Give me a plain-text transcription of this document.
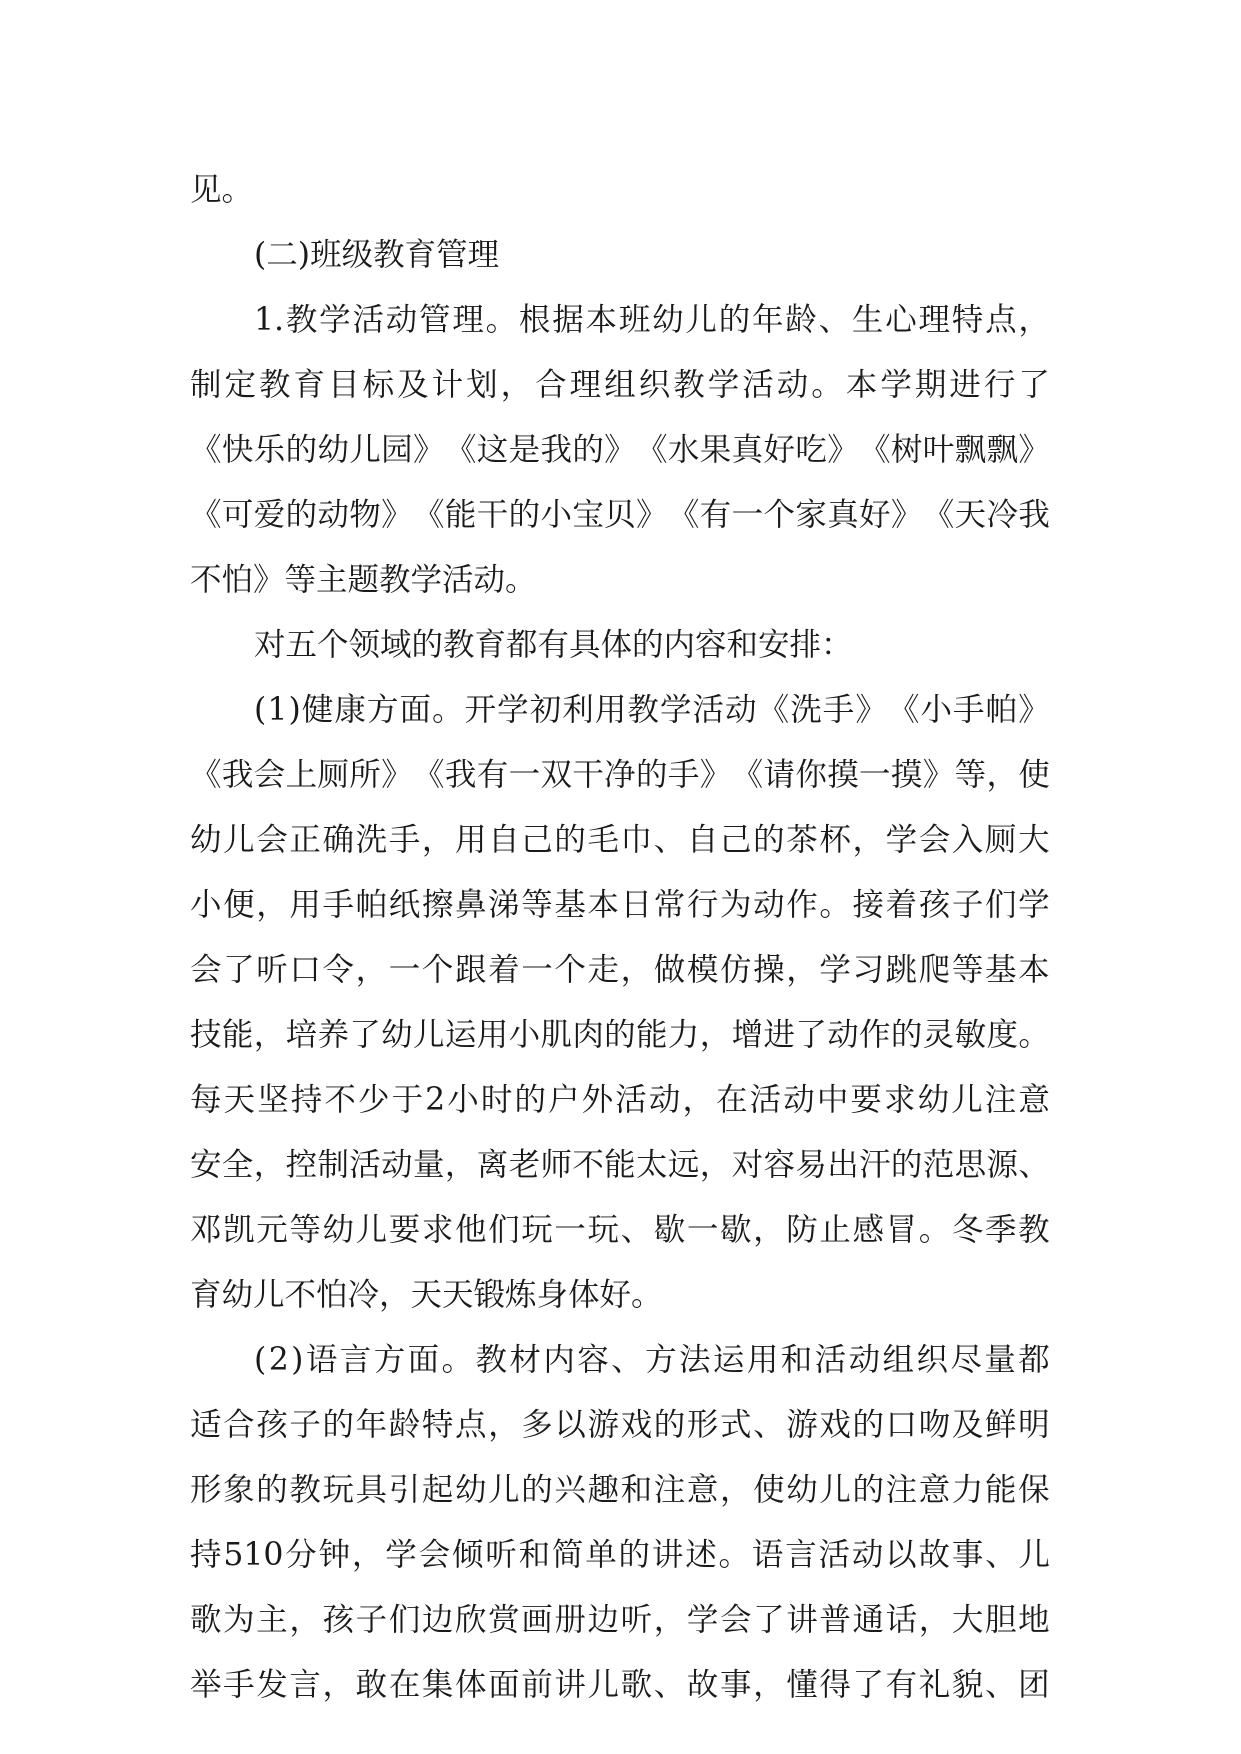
见。
(二)班级教育管理
1. 教 学 活 动 管 理 。 根 据 本 班 幼 儿 的 年 龄 、 生 心 理 特 点 ，
制 定 教 育 目 标 及 计 划 ， 合 理 组 织 教 学 活 动 。 本 学 期 进 行 了
《 快 乐 的 幼 儿 园 》 《 这 是 我 的 》 《 水 果 真 好 吃 》 《 树 叶 飘 飘 》
《 可 爱 的 动 物 》 《 能 干 的 小 宝 贝 》 《 有 一 个 家 真 好 》 《 天 冷 我
不怕》等主题教学活动。
对五个领域的教育都有具体的内容和安排：
( 1 ) 健 康 方 面 。 开 学 初 利 用 教 学 活 动 《 洗 手 》 《 小 手 帕 》
《 我 会 上 厕 所 》 《 我 有 一 双 干 净 的 手 》 《 请 你 摸 一 摸 》 等 ， 使
幼 儿 会 正 确 洗 手 ， 用 自 己 的 毛 巾 、 自 己 的 茶 杯 ， 学 会 入 厕 大
小 便 ， 用 手 帕 纸 擦 鼻 涕 等 基 本 日 常 行 为 动 作 。 接 着 孩 子 们 学
会 了 听 口 令 ， 一 个 跟 着 一 个 走 ， 做 模 仿 操 ， 学 习 跳 爬 等 基 本
技 能 ， 培 养 了 幼 儿 运 用 小 肌 肉 的 能 力 ， 增 进 了 动 作 的 灵 敏 度 。
每 天 坚 持 不 少 于 2 小 时 的 户 外 活 动 ， 在 活 动 中 要 求 幼 儿 注 意
安 全 ， 控 制 活 动 量 ， 离 老 师 不 能 太 远 ， 对 容 易 出 汗 的 范 思 源 、
邓 凯 元 等 幼 儿 要 求 他 们 玩 一 玩 、 歇 一 歇 ， 防 止 感 冒 。 冬 季 教
育幼儿不怕冷，天天锻炼身体好。
( 2 ) 语 言 方 面 。 教 材 内 容 、 方 法 运 用 和 活 动 组 织 尽 量 都
适 合 孩 子 的 年 龄 特 点 ， 多 以 游 戏 的 形 式 、 游 戏 的 口 吻 及 鲜 明
形 象 的 教 玩 具 引 起 幼 儿 的 兴 趣 和 注 意 ， 使 幼 儿 的 注 意 力 能 保
持 510 分 钟 ， 学 会 倾 听 和 简 单 的 讲 述 。 语 言 活 动 以 故 事 、 儿
歌 为 主 ， 孩 子 们 边 欣 赏 画 册 边 听 ， 学 会 了 讲 普 通 话 ， 大 胆 地
举 手 发 言 ， 敢 在 集 体 面 前 讲 儿 歌 、 故 事 ， 懂 得 了 有 礼 貌 、 团
